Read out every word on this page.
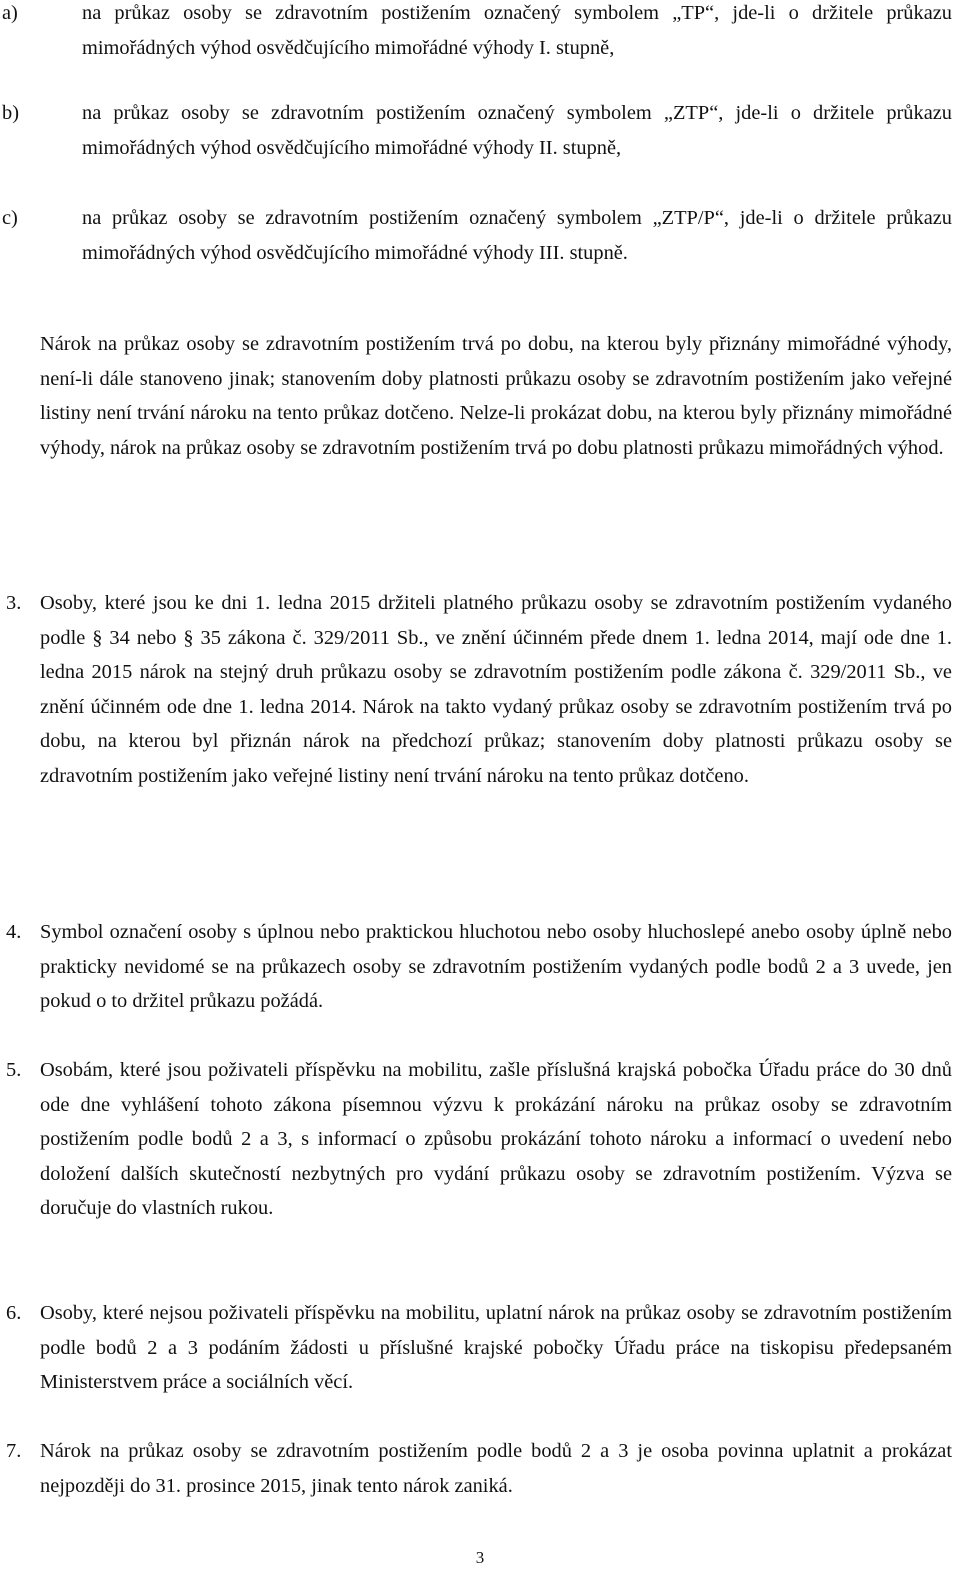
a)	na průkaz osoby se zdravotním postižením označený symbolem „TP“, jde-li o držitele průkazu mimořádných výhod osvědčujícího mimořádné výhody I. stupně,

b)	na průkaz osoby se zdravotním postižením označený symbolem „ZTP“, jde-li o držitele průkazu mimořádných výhod osvědčujícího mimořádné výhody II. stupně,

c)	na průkaz osoby se zdravotním postižením označený symbolem „ZTP/P“, jde-li o držitele průkazu mimořádných výhod osvědčujícího mimořádné výhody III. stupně.

Nárok na průkaz osoby se zdravotním postižením trvá po dobu, na kterou byly přiznány mimořádné výhody, není-li dále stanoveno jinak; stanovením doby platnosti průkazu osoby se zdravotním postižením jako veřejné listiny není trvání nároku na tento průkaz dotčeno. Nelze-li prokázat dobu, na kterou byly přiznány mimořádné výhody, nárok na průkaz osoby se zdravotním postižením trvá po dobu platnosti průkazu mimořádných výhod.

3. Osoby, které jsou ke dni 1. ledna 2015 držiteli platného průkazu osoby se zdravotním postižením vydaného podle § 34 nebo § 35 zákona č. 329/2011 Sb., ve znění účinném přede dnem 1. ledna 2014, mají ode dne 1. ledna 2015 nárok na stejný druh průkazu osoby se zdravotním postižením podle zákona č. 329/2011 Sb., ve znění účinném ode dne 1. ledna 2014. Nárok na takto vydaný průkaz osoby se zdravotním postižením trvá po dobu, na kterou byl přiznán nárok na předchozí průkaz; stanovením doby platnosti průkazu osoby se zdravotním postižením jako veřejné listiny není trvání nároku na tento průkaz dotčeno.

4. Symbol označení osoby s úplnou nebo praktickou hluchotou nebo osoby hluchoslepé anebo osoby úplně nebo prakticky nevidomé se na průkazech osoby se zdravotním postižením vydaných podle bodů 2 a 3 uvede, jen pokud o to držitel průkazu požádá.

5. Osobám, které jsou poživateli příspěvku na mobilitu, zašle příslušná krajská pobočka Úřadu práce do 30 dnů ode dne vyhlášení tohoto zákona písemnou výzvu k prokázání nároku na průkaz osoby se zdravotním postižením podle bodů 2 a 3, s informací o způsobu prokázání tohoto nároku a informací o uvedení nebo doložení dalších skutečností nezbytných pro vydání průkazu osoby se zdravotním postižením. Výzva se doručuje do vlastních rukou.

6. Osoby, které nejsou poživateli příspěvku na mobilitu, uplatní nárok na průkaz osoby se zdravotním postižením podle bodů 2 a 3 podáním žádosti u příslušné krajské pobočky Úřadu práce na tiskopisu předepsaném Ministerstvem práce a sociálních věcí.

7. Nárok na průkaz osoby se zdravotním postižením podle bodů 2 a 3 je osoba povinna uplatnit a prokázat nejpozději do 31. prosince 2015, jinak tento nárok zaniká.

3
